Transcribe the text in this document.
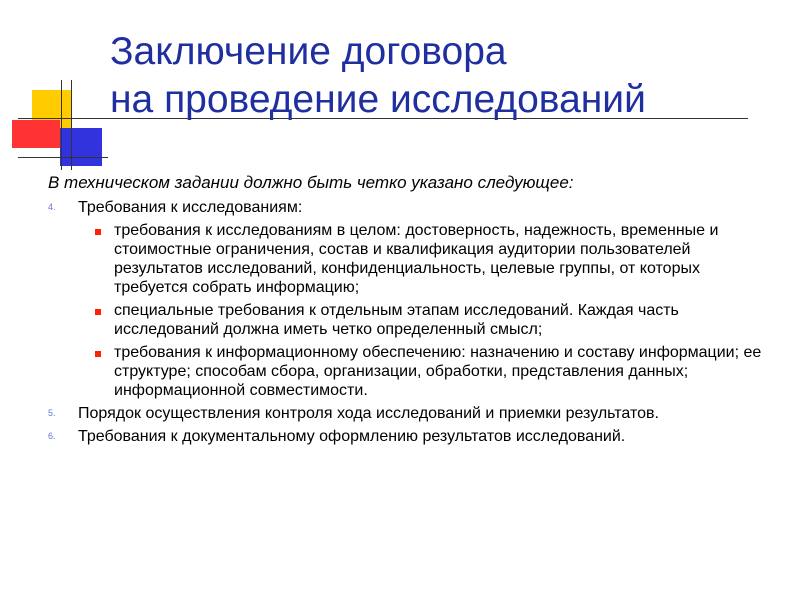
Заключение договора
на проведение исследований

В техническом задании должно быть четко указано следующее:

4. Требования к исследованиям:
требования к исследованиям в целом: достоверность, надежность, временные и стоимостные ограничения, состав и квалификация аудитории пользователей результатов исследований, конфиденциальность, целевые группы, от которых требуется собрать информацию;
специальные требования к отдельным этапам исследований. Каждая часть исследований должна иметь четко определенный смысл;
требования к информационному обеспечению: назначению и составу информации; ее структуре; способам сбора, организации, обработки, представления данных; информационной совместимости.
5. Порядок осуществления контроля хода исследований и приемки результатов.
6. Требования к документальному оформлению результатов исследований.
